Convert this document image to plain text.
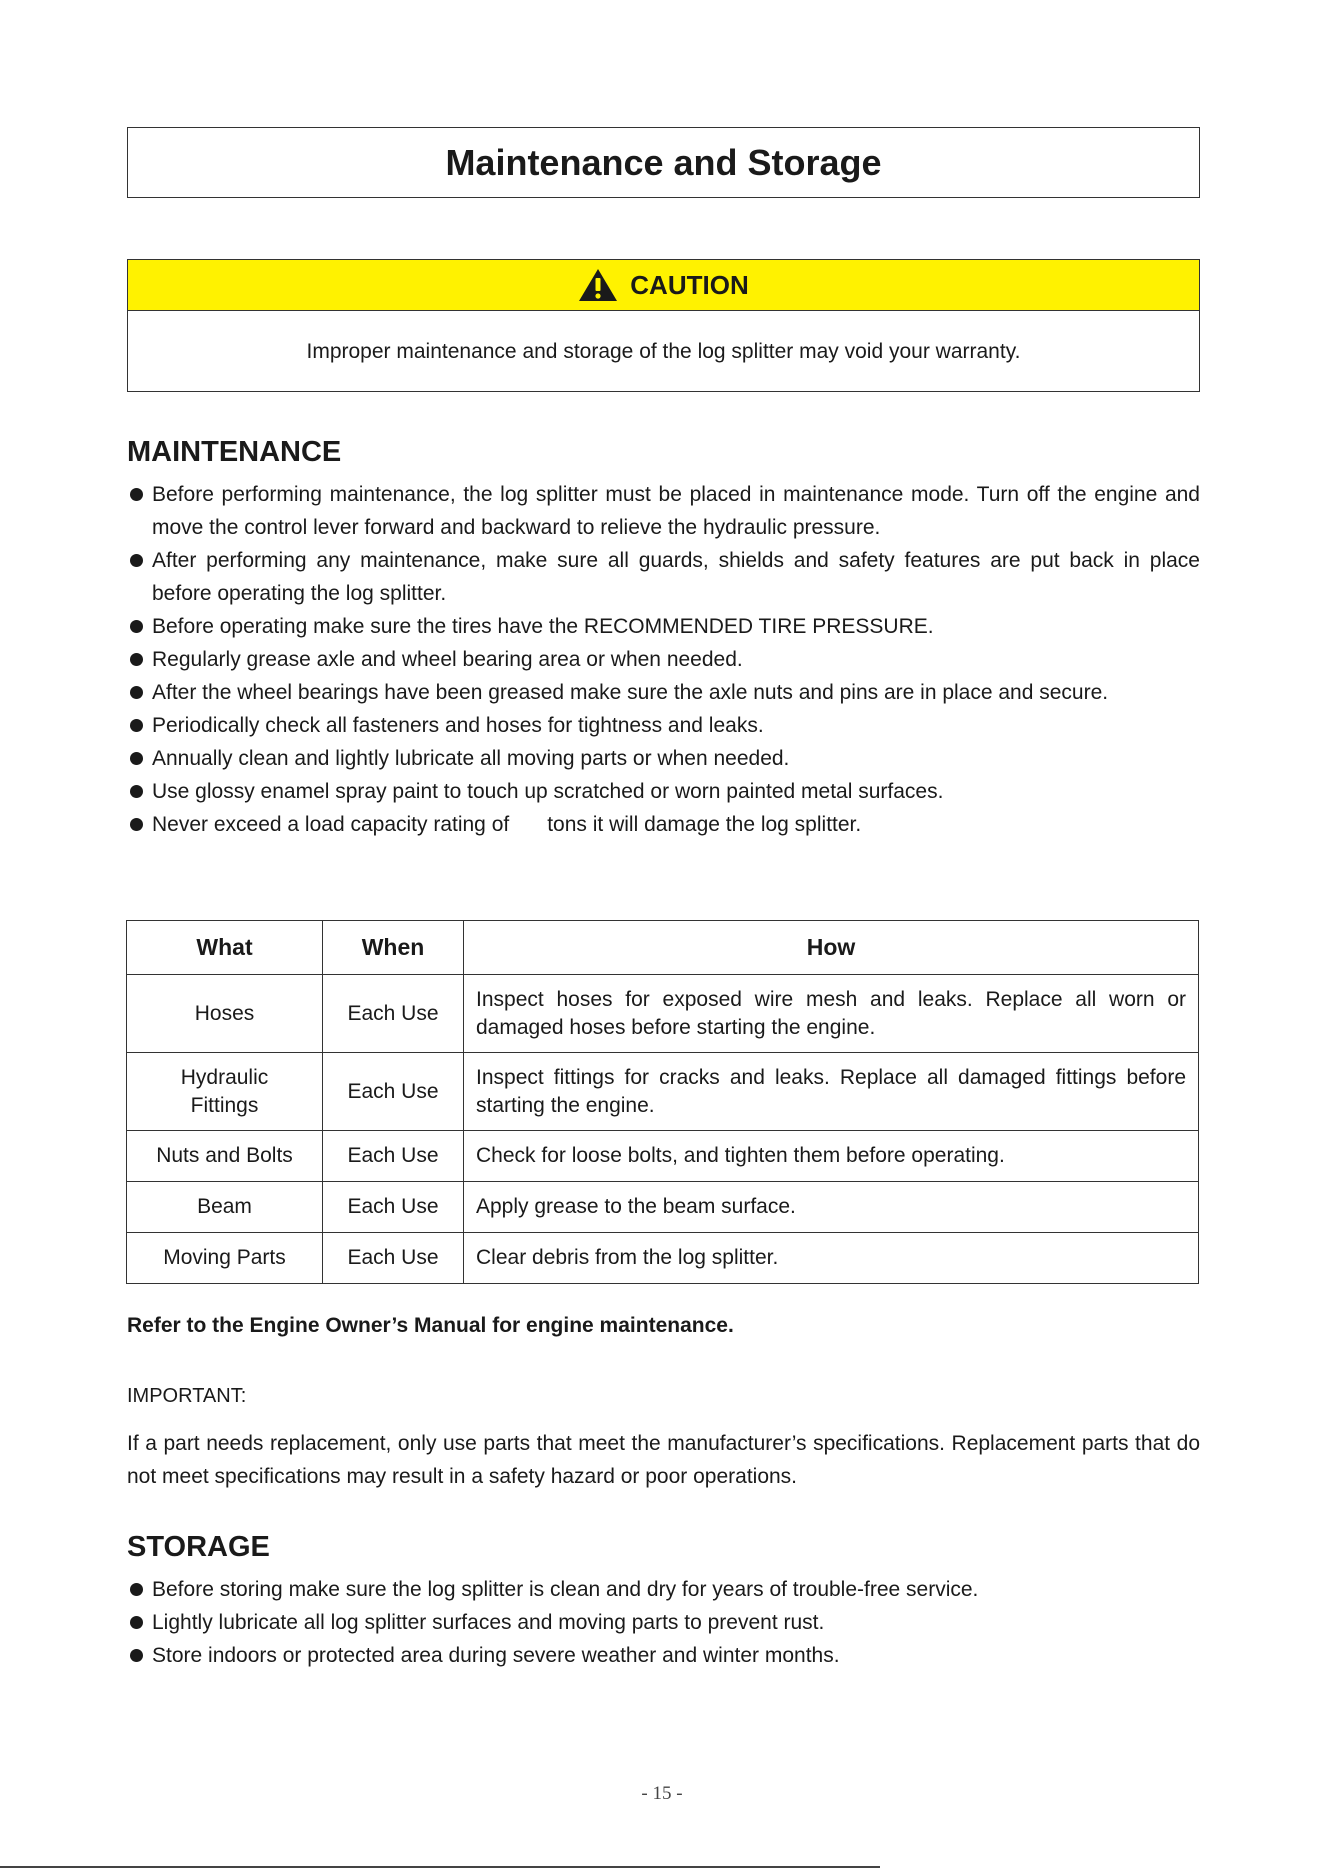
Maintenance and Storage
CAUTION
Improper maintenance and storage of the log splitter may void your warranty.
MAINTENANCE
Before performing maintenance, the log splitter must be placed in maintenance mode. Turn off the engine and move the control lever forward and backward to relieve the hydraulic pressure.
After performing any maintenance, make sure all guards, shields and safety features are put back in place before operating the log splitter.
Before operating make sure the tires have the RECOMMENDED TIRE PRESSURE.
Regularly grease axle and wheel bearing area or when needed.
After the wheel bearings have been greased make sure the axle nuts and pins are in place and secure.
Periodically check all fasteners and hoses for tightness and leaks.
Annually clean and lightly lubricate all moving parts or when needed.
Use glossy enamel spray paint to touch up scratched or worn painted metal surfaces.
Never exceed a load capacity rating of tons it will damage the log splitter.
What	When	How
Hoses	Each Use	Inspect hoses for exposed wire mesh and leaks. Replace all worn or damaged hoses before starting the engine.
Hydraulic Fittings	Each Use	Inspect fittings for cracks and leaks. Replace all damaged fittings before starting the engine.
Nuts and Bolts	Each Use	Check for loose bolts, and tighten them before operating.
Beam	Each Use	Apply grease to the beam surface.
Moving Parts	Each Use	Clear debris from the log splitter.
Refer to the Engine Owner’s Manual for engine maintenance.
IMPORTANT:
If a part needs replacement, only use parts that meet the manufacturer’s specifications. Replacement parts that do not meet specifications may result in a safety hazard or poor operations.
STORAGE
Before storing make sure the log splitter is clean and dry for years of trouble-free service.
Lightly lubricate all log splitter surfaces and moving parts to prevent rust.
Store indoors or protected area during severe weather and winter months.
- 15 -
